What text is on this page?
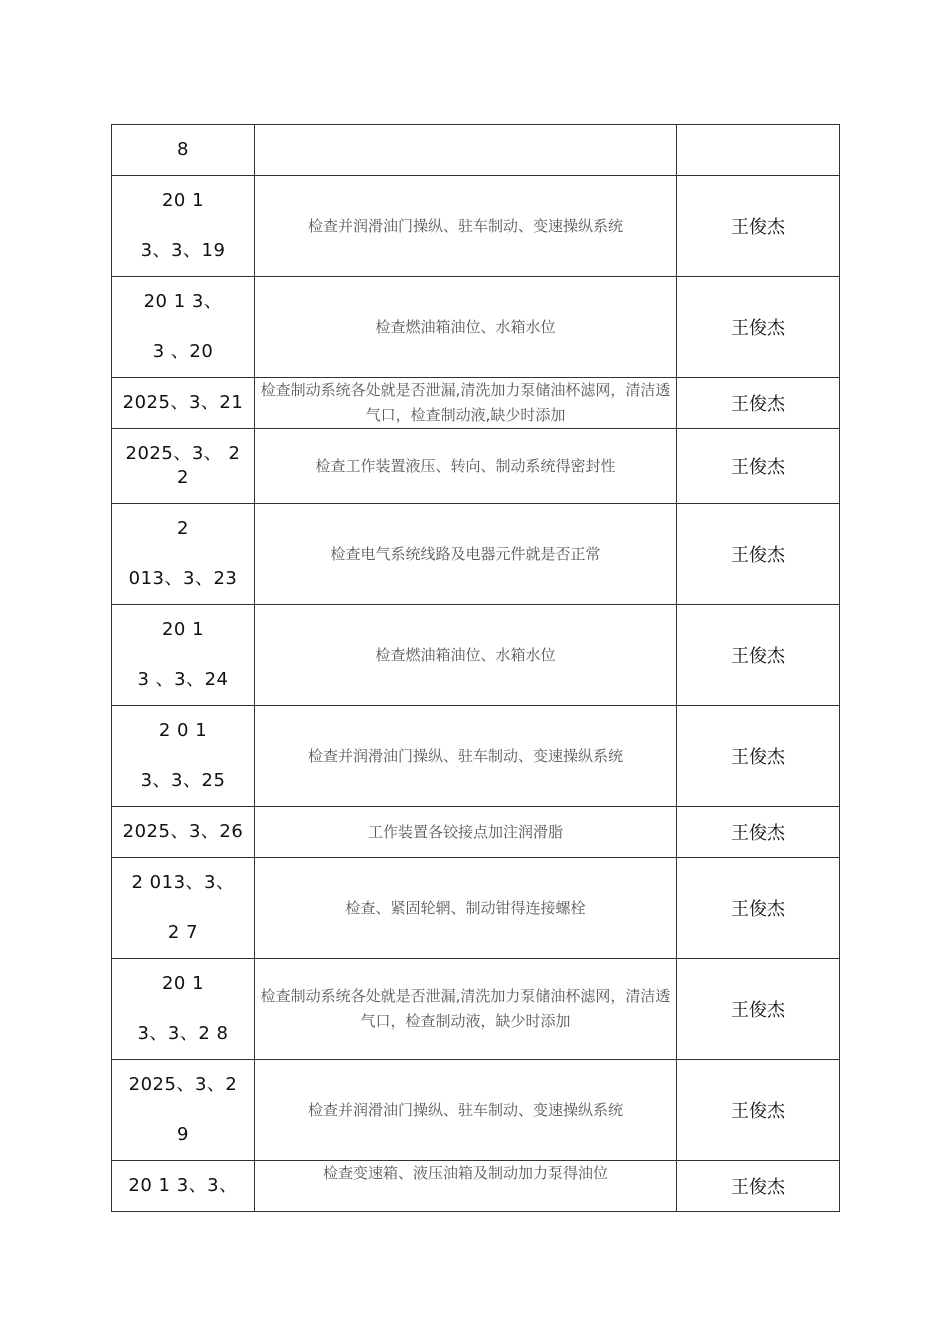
8		

20 1
3、3、19	检查并润滑油门操纵、驻车制动、变速操纵系统	王俊杰

20 1 3、
3 、20	检查燃油箱油位、水箱水位	王俊杰

2025、3、21	检查制动系统各处就是否泄漏,清洗加力泵储油杯滤网，清洁透气口，检查制动液,缺少时添加	王俊杰

2025、3、 2
2	检查工作装置液压、转向、制动系统得密封性	王俊杰

2
013、3、23	检查电气系统线路及电器元件就是否正常	王俊杰

20 1
3 、3、24	检查燃油箱油位、水箱水位	王俊杰

2 0 1
3、3、25	检查并润滑油门操纵、驻车制动、变速操纵系统	王俊杰

2025、3、26	工作装置各铰接点加注润滑脂	王俊杰

2 013、3、
2 7	检查、紧固轮辋、制动钳得连接螺栓	王俊杰

20 1
3、3、2 8	检查制动系统各处就是否泄漏,清洗加力泵储油杯滤网，清洁透气口，检查制动液，缺少时添加	王俊杰

2025、3、2
9	检查并润滑油门操纵、驻车制动、变速操纵系统	王俊杰

20 1 3、3、	检查变速箱、液压油箱及制动加力泵得油位	王俊杰
